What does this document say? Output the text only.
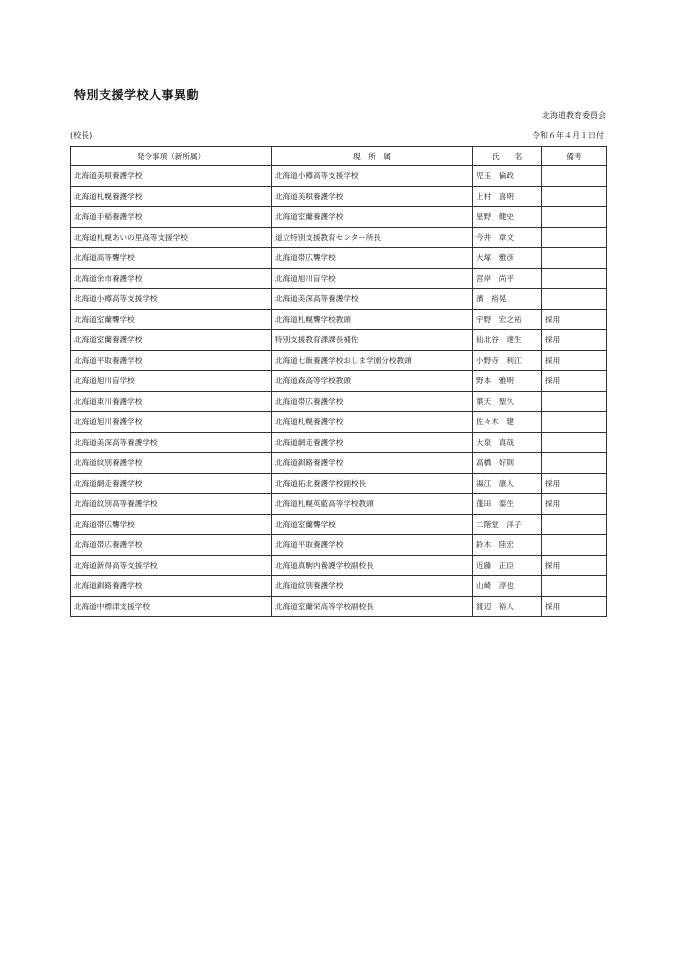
特別支援学校人事異動
北海道教育委員会
(校長)	令和６年４月１日付
発令事項（新所属）	現　所　属	氏　　名	備考
北海道美唄養護学校	北海道小樽高等支援学校	児玉　倫政	
北海道札幌養護学校	北海道美唄養護学校	上村　喜明	
北海道手稲養護学校	北海道室蘭養護学校	星野　健史	
北海道札幌あいの里高等支援学校	道立特別支援教育センター所長	今井　章文	
北海道高等聾学校	北海道帯広聾学校	大塚　雅彦	
北海道余市養護学校	北海道旭川盲学校	宮岸　尚平	
北海道小樽高等支援学校	北海道美深高等養護学校	濱　裕晃	
北海道室蘭聾学校	北海道札幌聾学校教頭	宇野　宏之祐	採用
北海道室蘭養護学校	特別支援教育課課長補佐	仙北谷　達生	採用
北海道平取養護学校	北海道七飯養護学校おしま学園分校教頭	小野寺　利江	採用
北海道旭川盲学校	北海道森高等学校教頭	野本　雅明	採用
北海道東川養護学校	北海道帯広養護学校	葉天　聖久	
北海道旭川養護学校	北海道札幌養護学校	佐々木　建	
北海道美深高等養護学校	北海道網走養護学校	大泉　真哉	
北海道紋別養護学校	北海道釧路養護学校	高橋　好則	
北海道網走養護学校	北海道拓北養護学校副校長	湯江　康人	採用
北海道紋別高等養護学校	北海道札幌英藍高等学校教頭	蓬田　泰生	採用
北海道帯広聾学校	北海道室蘭聾学校	二階堂　洋子	
北海道帯広養護学校	北海道平取養護学校	鈴木　陸宏	
北海道新得高等支援学校	北海道真駒内養護学校副校長	近藤　正臣	採用
北海道釧路養護学校	北海道紋別養護学校	山崎　淳也	
北海道中標津支援学校	北海道室蘭栄高等学校副校長	渡辺　裕人	採用
